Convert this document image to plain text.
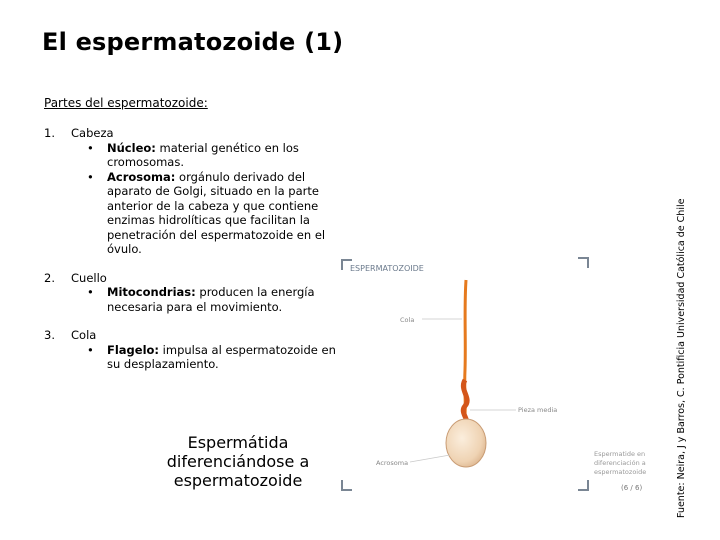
El espermatozoide (1)
Partes del espermatozoide:
1. Cabeza
• Núcleo: material genético en los cromosomas.
• Acrosoma: orgánulo derivado del aparato de Golgi, situado en la parte anterior de la cabeza y que contiene enzimas hidrolíticas que facilitan la penetración del espermatozoide en el óvulo.
2. Cuello
• Mitocondrias: producen la energía necesaria para el movimiento.
3. Cola
• Flagelo: impulsa al espermatozoide en su desplazamiento.
Espermátida diferenciándose a espermatozoide
ESPERMATOZOIDE
Cola
Pieza media
Acrosoma
Espermatide en diferenciación a espermatozoide
(6 / 6)	Fuente: Neira, J y Barros, C. Pontificia Universidad Católica de Chile
